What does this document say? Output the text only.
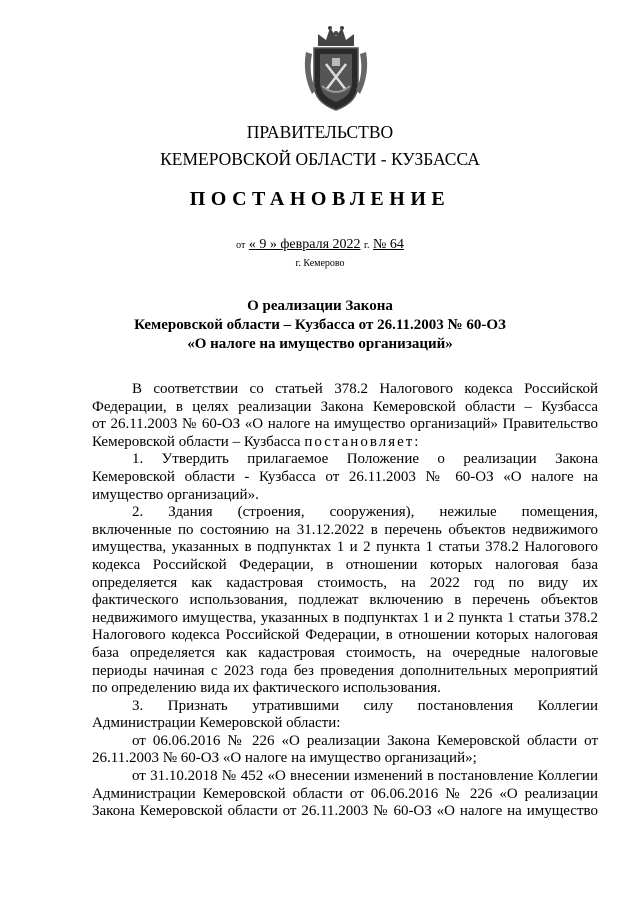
ПРАВИТЕЛЬСТВО
КЕМЕРОВСКОЙ ОБЛАСТИ - КУЗБАССА
ПОСТАНОВЛЕНИЕ
от « 9 » февраля 2022 г. № 64
г. Кемерово
О реализации Закона
Кемеровской области – Кузбасса от 26.11.2003 № 60-ОЗ
«О налоге на имущество организаций»
В соответствии со статьей 378.2 Налогового кодекса Российской
Федерации, в целях реализации Закона Кемеровской области – Кузбасса
от 26.11.2003 № 60-ОЗ «О налоге на имущество организаций» Правительство
Кемеровской области – Кузбасса постановляет:
1. Утвердить прилагаемое Положение о реализации Закона
Кемеровской области - Кузбасса от 26.11.2003 № 60-ОЗ «О налоге на
имущество организаций».
2. Здания (строения, сооружения), нежилые помещения,
включенные по состоянию на 31.12.2022 в перечень объектов недвижимого
имущества, указанных в подпунктах 1 и 2 пункта 1 статьи 378.2 Налогового
кодекса Российской Федерации, в отношении которых налоговая база
определяется как кадастровая стоимость, на 2022 год по виду их
фактического использования, подлежат включению в перечень объектов
недвижимого имущества, указанных в подпунктах 1 и 2 пункта 1 статьи 378.2
Налогового кодекса Российской Федерации, в отношении которых налоговая
база определяется как кадастровая стоимость, на очередные налоговые
периоды начиная с 2023 года без проведения дополнительных мероприятий
по определению вида их фактического использования.
3. Признать утратившими силу постановления Коллегии
Администрации Кемеровской области:
от 06.06.2016 № 226 «О реализации Закона Кемеровской области от
26.11.2003 № 60-ОЗ «О налоге на имущество организаций»;
от 31.10.2018 № 452 «О внесении изменений в постановление Коллегии
Администрации Кемеровской области от 06.06.2016 № 226 «О реализации
Закона Кемеровской области от 26.11.2003 № 60-ОЗ «О налоге на имущество
